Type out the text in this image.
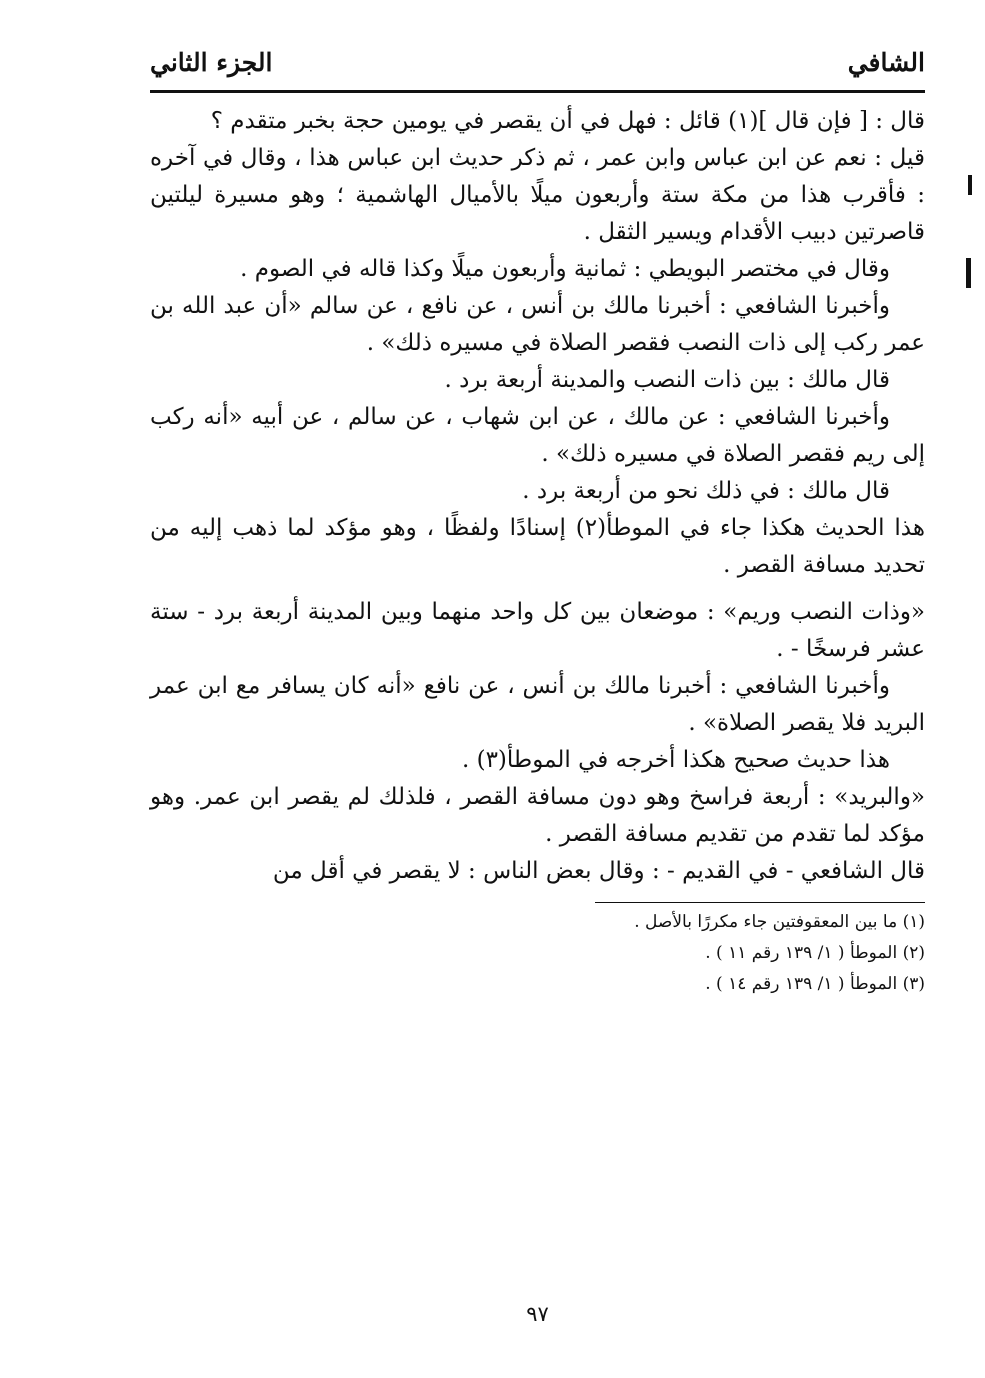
الشافي
الجزء الثاني

قال : [ فإن قال ](١) قائل : فهل في أن يقصر في يومين حجة بخبر متقدم ؟

قيل : نعم عن ابن عباس وابن عمر ، ثم ذكر حديث ابن عباس هذا ، وقال في آخره : فأقرب هذا من مكة ستة وأربعون ميلًا بالأميال الهاشمية ؛ وهو مسيرة ليلتين قاصرتين دبيب الأقدام ويسير الثقل .

وقال في مختصر البويطي : ثمانية وأربعون ميلًا وكذا قاله في الصوم .

وأخبرنا الشافعي : أخبرنا مالك بن أنس ، عن نافع ، عن سالم «أن عبد الله بن عمر ركب إلى ذات النصب فقصر الصلاة في مسيره ذلك» .

قال مالك : بين ذات النصب والمدينة أربعة برد .

وأخبرنا الشافعي : عن مالك ، عن ابن شهاب ، عن سالم ، عن أبيه «أنه ركب إلى ريم فقصر الصلاة في مسيره ذلك» .

قال مالك : في ذلك نحو من أربعة برد .

هذا الحديث هكذا جاء في الموطأ(٢) إسنادًا ولفظًا ، وهو مؤكد لما ذهب إليه من تحديد مسافة القصر .

«وذات النصب وريم» : موضعان بين كل واحد منهما وبين المدينة أربعة برد - ستة عشر فرسخًا - .

وأخبرنا الشافعي : أخبرنا مالك بن أنس ، عن نافع «أنه كان يسافر مع ابن عمر البريد فلا يقصر الصلاة» .

هذا حديث صحيح هكذا أخرجه في الموطأ(٣) .

«والبريد» : أربعة فراسخ وهو دون مسافة القصر ، فلذلك لم يقصر ابن عمر. وهو مؤكد لما تقدم من تقديم مسافة القصر .

قال الشافعي - في القديم - : وقال بعض الناس : لا يقصر في أقل من

(١) ما بين المعقوفتين جاء مكررًا بالأصل .

(٢) الموطأ ( ١/ ١٣٩ رقم ١١ ) .

(٣) الموطأ ( ١/ ١٣٩ رقم ١٤ ) .

٩٧
